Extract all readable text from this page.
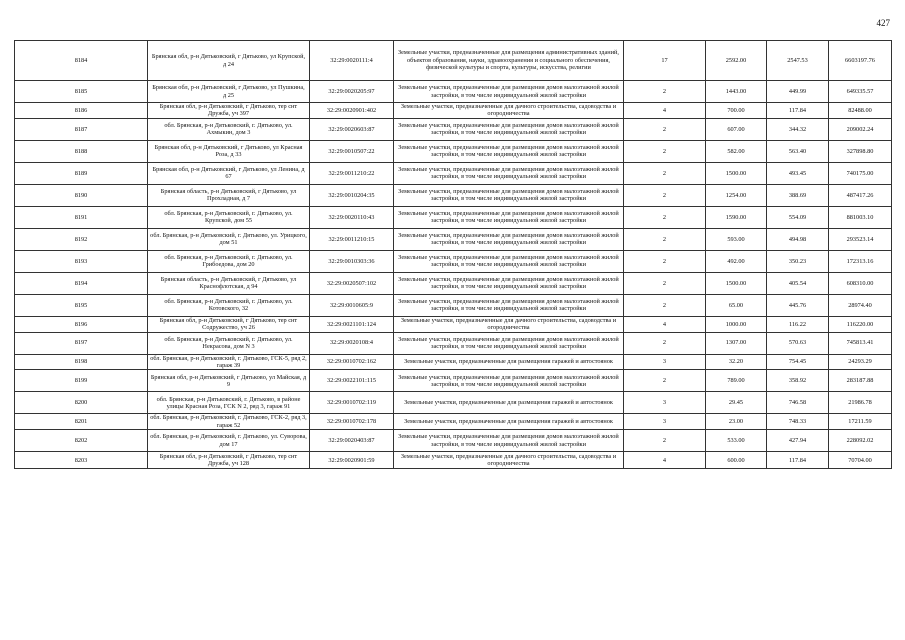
427
8184	Брянская обл, р-н Дятьковский, г Дятьково, ул Крупской, д 24	32:29:0020111:4	Земельные участки, предназначенные для размещения административных зданий, объектов образования, науки, здравоохранения и социального обеспечения, физической культуры и спорта, культуры, искусства, религии	17	2592.00	2547.53	6603197.76
8185	Брянская обл, р-н Дятьковский, г Дятьково, ул Пушкина, д 25	32:29:0020205:97	Земельные участки, предназначенные для размещения домов малоэтажной жилой застройки, в том числе индивидуальной жилой застройки	2	1443.00	449.99	649335.57
8186	Брянская обл, р-н Дятьковский, г Дятьково, тер снт Дружба, уч 397	32:29:0020901:402	Земельные участки, предназначенные для дачного строительства, садоводства и огородничества	4	700.00	117.84	82488.00
8187	обл. Брянская, р-н Дятьковский, г. Дятьково, ул. Ахмыкин, дом 3	32:29:0020603:87	Земельные участки, предназначенные для размещения домов малоэтажной жилой застройки, в том числе индивидуальной жилой застройки	2	607.00	344.32	209002.24
8188	Брянская обл, р-н Дятьковский, г Дятьково, ул Красная Роза, д 33	32:29:0010507:22	Земельные участки, предназначенные для размещения домов малоэтажной жилой застройки, в том числе индивидуальной жилой застройки	2	582.00	563.40	327898.80
8189	Брянская обл, р-н Дятьковский, г Дятьково, ул Ленина, д 67	32:29:0011210:22	Земельные участки, предназначенные для размещения домов малоэтажной жилой застройки, в том числе индивидуальной жилой застройки	2	1500.00	493.45	740175.00
8190	Брянская область, р-н Дятьковский, г Дятьково, ул Прохладная, д 7	32:29:0010204:35	Земельные участки, предназначенные для размещения домов малоэтажной жилой застройки, в том числе индивидуальной жилой застройки	2	1254.00	388.69	487417.26
8191	обл. Брянская, р-н Дятьковский, г. Дятьково, ул. Крупской, дом 55	32:29:0020110:43	Земельные участки, предназначенные для размещения домов малоэтажной жилой застройки, в том числе индивидуальной жилой застройки	2	1590.00	554.09	881003.10
8192	обл. Брянская, р-н Дятьковский, г. Дятьково, ул. Урицкого, дом 51	32:29:0011210:15	Земельные участки, предназначенные для размещения домов малоэтажной жилой застройки, в том числе индивидуальной жилой застройки	2	593.00	494.98	293523.14
8193	обл. Брянская, р-н Дятьковский, г. Дятьково, ул. Грибоедова, дом 20	32:29:0010303:36	Земельные участки, предназначенные для размещения домов малоэтажной жилой застройки, в том числе индивидуальной жилой застройки	2	492.00	350.23	172313.16
8194	Брянская область, р-н Дятьковский, г Дятьково, ул Краснофлотская, д 94	32:29:0020507:102	Земельные участки, предназначенные для размещения домов малоэтажной жилой застройки, в том числе индивидуальной жилой застройки	2	1500.00	405.54	608310.00
8195	обл. Брянская, р-н Дятьковский, г. Дятьково, ул. Котовского, 32	32:29:0010605:9	Земельные участки, предназначенные для размещения домов малоэтажной жилой застройки, в том числе индивидуальной жилой застройки	2	65.00	445.76	28974.40
8196	Брянская обл, р-н Дятьковский, г Дятьково, тер снт Содружество, уч 26	32:29:0021101:124	Земельные участки, предназначенные для дачного строительства, садоводства и огородничества	4	1000.00	116.22	116220.00
8197	обл. Брянская, р-н Дятьковский, г. Дятьково, ул. Некрасова, дом N 3	32:29:0020108:4	Земельные участки, предназначенные для размещения домов малоэтажной жилой застройки, в том числе индивидуальной жилой застройки	2	1307.00	570.63	745813.41
8198	обл. Брянская, р-н Дятьковский, г. Дятьково, ГСК-5, ряд 2, гараж 39	32:29:0010702:162	Земельные участки, предназначенные для размещения гаражей и автостоянок	3	32.20	754.45	24293.29
8199	Брянская обл, р-н Дятьковский, г Дятьково, ул Майская, д 9	32:29:0022101:115	Земельные участки, предназначенные для размещения домов малоэтажной жилой застройки, в том числе индивидуальной жилой застройки	2	789.00	358.92	283187.88
8200	обл. Брянская, р-н Дятьковский, г. Дятьково, в районе улицы Красная Роза, ГСК N 2, ряд 3, гараж 91	32:29:0010702:119	Земельные участки, предназначенные для размещения гаражей и автостоянок	3	29.45	746.58	21986.78
8201	обл. Брянская, р-н Дятьковский, г. Дятьково, ГСК-2, ряд 3, гараж 52	32:29:0010702:178	Земельные участки, предназначенные для размещения гаражей и автостоянок	3	23.00	748.33	17211.59
8202	обл. Брянская, р-н Дятьковский, г. Дятьково, ул. Суворова, дом 17	32:29:0020403:87	Земельные участки, предназначенные для размещения домов малоэтажной жилой застройки, в том числе индивидуальной жилой застройки	2	533.00	427.94	228092.02
8203	Брянская обл, р-н Дятьковский, г Дятьково, тер снт Дружба, уч 128	32:29:0020901:59	Земельные участки, предназначенные для дачного строительства, садоводства и огородничества	4	600.00	117.84	70704.00
